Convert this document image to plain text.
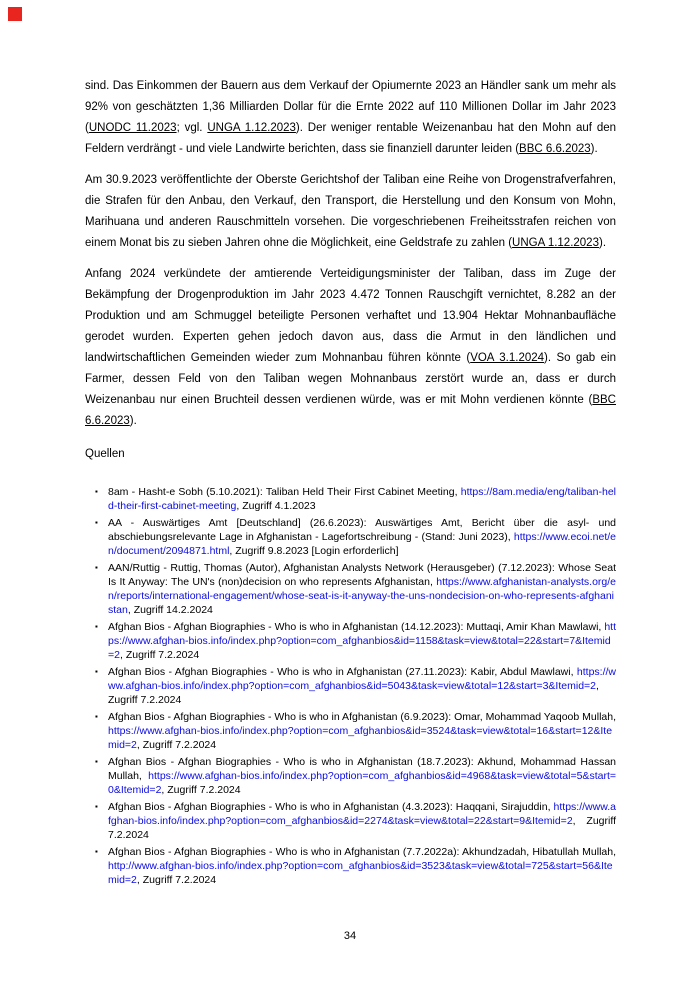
sind. Das Einkommen der Bauern aus dem Verkauf der Opiumernte 2023 an Händler sank um mehr als 92% von geschätzten 1,36 Milliarden Dollar für die Ernte 2022 auf 110 Millionen Dollar im Jahr 2023 (UNODC 11.2023; vgl. UNGA 1.12.2023). Der weniger rentable Weizenanbau hat den Mohn auf den Feldern verdrängt - und viele Landwirte berichten, dass sie finanziell darunter leiden (BBC 6.6.2023).

Am 30.9.2023 veröffentlichte der Oberste Gerichtshof der Taliban eine Reihe von Drogenstrafverfahren, die Strafen für den Anbau, den Verkauf, den Transport, die Herstellung und den Konsum von Mohn, Marihuana und anderen Rauschmitteln vorsehen. Die vorgeschriebenen Freiheitsstrafen reichen von einem Monat bis zu sieben Jahren ohne die Möglichkeit, eine Geldstrafe zu zahlen (UNGA 1.12.2023).

Anfang 2024 verkündete der amtierende Verteidigungsminister der Taliban, dass im Zuge der Bekämpfung der Drogenproduktion im Jahr 2023 4.472 Tonnen Rauschgift vernichtet, 8.282 an der Produktion und am Schmuggel beteiligte Personen verhaftet und 13.904 Hektar Mohnanbaufläche gerodet wurden. Experten gehen jedoch davon aus, dass die Armut in den ländlichen und landwirtschaftlichen Gemeinden wieder zum Mohnanbau führen könnte (VOA 3.1.2024). So gab ein Farmer, dessen Feld von den Taliban wegen Mohnanbaus zerstört wurde an, dass er durch Weizenanbau nur einen Bruchteil dessen verdienen würde, was er mit Mohn verdienen könnte (BBC 6.6.2023).

Quellen
▪ 8am - Hasht-e Sobh (5.10.2021): Taliban Held Their First Cabinet Meeting, https://8am.media/eng/taliban-held-their-first-cabinet-meeting, Zugriff 4.1.2023
▪ AA - Auswärtiges Amt [Deutschland] (26.6.2023): Auswärtiges Amt, Bericht über die asyl- und abschiebungsrelevante Lage in Afghanistan - Lagefortschreibung - (Stand: Juni 2023), https://www.ecoi.net/en/document/2094871.html, Zugriff 9.8.2023 [Login erforderlich]
▪ AAN/Ruttig - Ruttig, Thomas (Autor), Afghanistan Analysts Network (Herausgeber) (7.12.2023): Whose Seat Is It Anyway: The UN's (non)decision on who represents Afghanistan, https://www.afghanistan-analysts.org/en/reports/international-engagement/whose-seat-is-it-anyway-the-uns-nondecision-on-who-represents-afghanistan, Zugriff 14.2.2024
▪ Afghan Bios - Afghan Biographies - Who is who in Afghanistan (14.12.2023): Muttaqi, Amir Khan Mawlawi, https://www.afghan-bios.info/index.php?option=com_afghanbios&id=1158&task=view&total=22&start=7&Itemid=2, Zugriff 7.2.2024
▪ Afghan Bios - Afghan Biographies - Who is who in Afghanistan (27.11.2023): Kabir, Abdul Mawlawi, https://www.afghan-bios.info/index.php?option=com_afghanbios&id=5043&task=view&total=12&start=3&Itemid=2, Zugriff 7.2.2024
▪ Afghan Bios - Afghan Biographies - Who is who in Afghanistan (6.9.2023): Omar, Mohammad Yaqoob Mullah, https://www.afghan-bios.info/index.php?option=com_afghanbios&id=3524&task=view&total=16&start=12&Itemid=2, Zugriff 7.2.2024
▪ Afghan Bios - Afghan Biographies - Who is who in Afghanistan (18.7.2023): Akhund, Mohammad Hassan Mullah, https://www.afghan-bios.info/index.php?option=com_afghanbios&id=4968&task=view&total=5&start=0&Itemid=2, Zugriff 7.2.2024
▪ Afghan Bios - Afghan Biographies - Who is who in Afghanistan (4.3.2023): Haqqani, Sirajuddin, https://www.afghan-bios.info/index.php?option=com_afghanbios&id=2274&task=view&total=22&start=9&Itemid=2, Zugriff 7.2.2024
▪ Afghan Bios - Afghan Biographies - Who is who in Afghanistan (7.7.2022a): Akhundzadah, Hibatullah Mullah, http://www.afghan-bios.info/index.php?option=com_afghanbios&id=3523&task=view&total=725&start=56&Itemid=2, Zugriff 7.2.2024
34
